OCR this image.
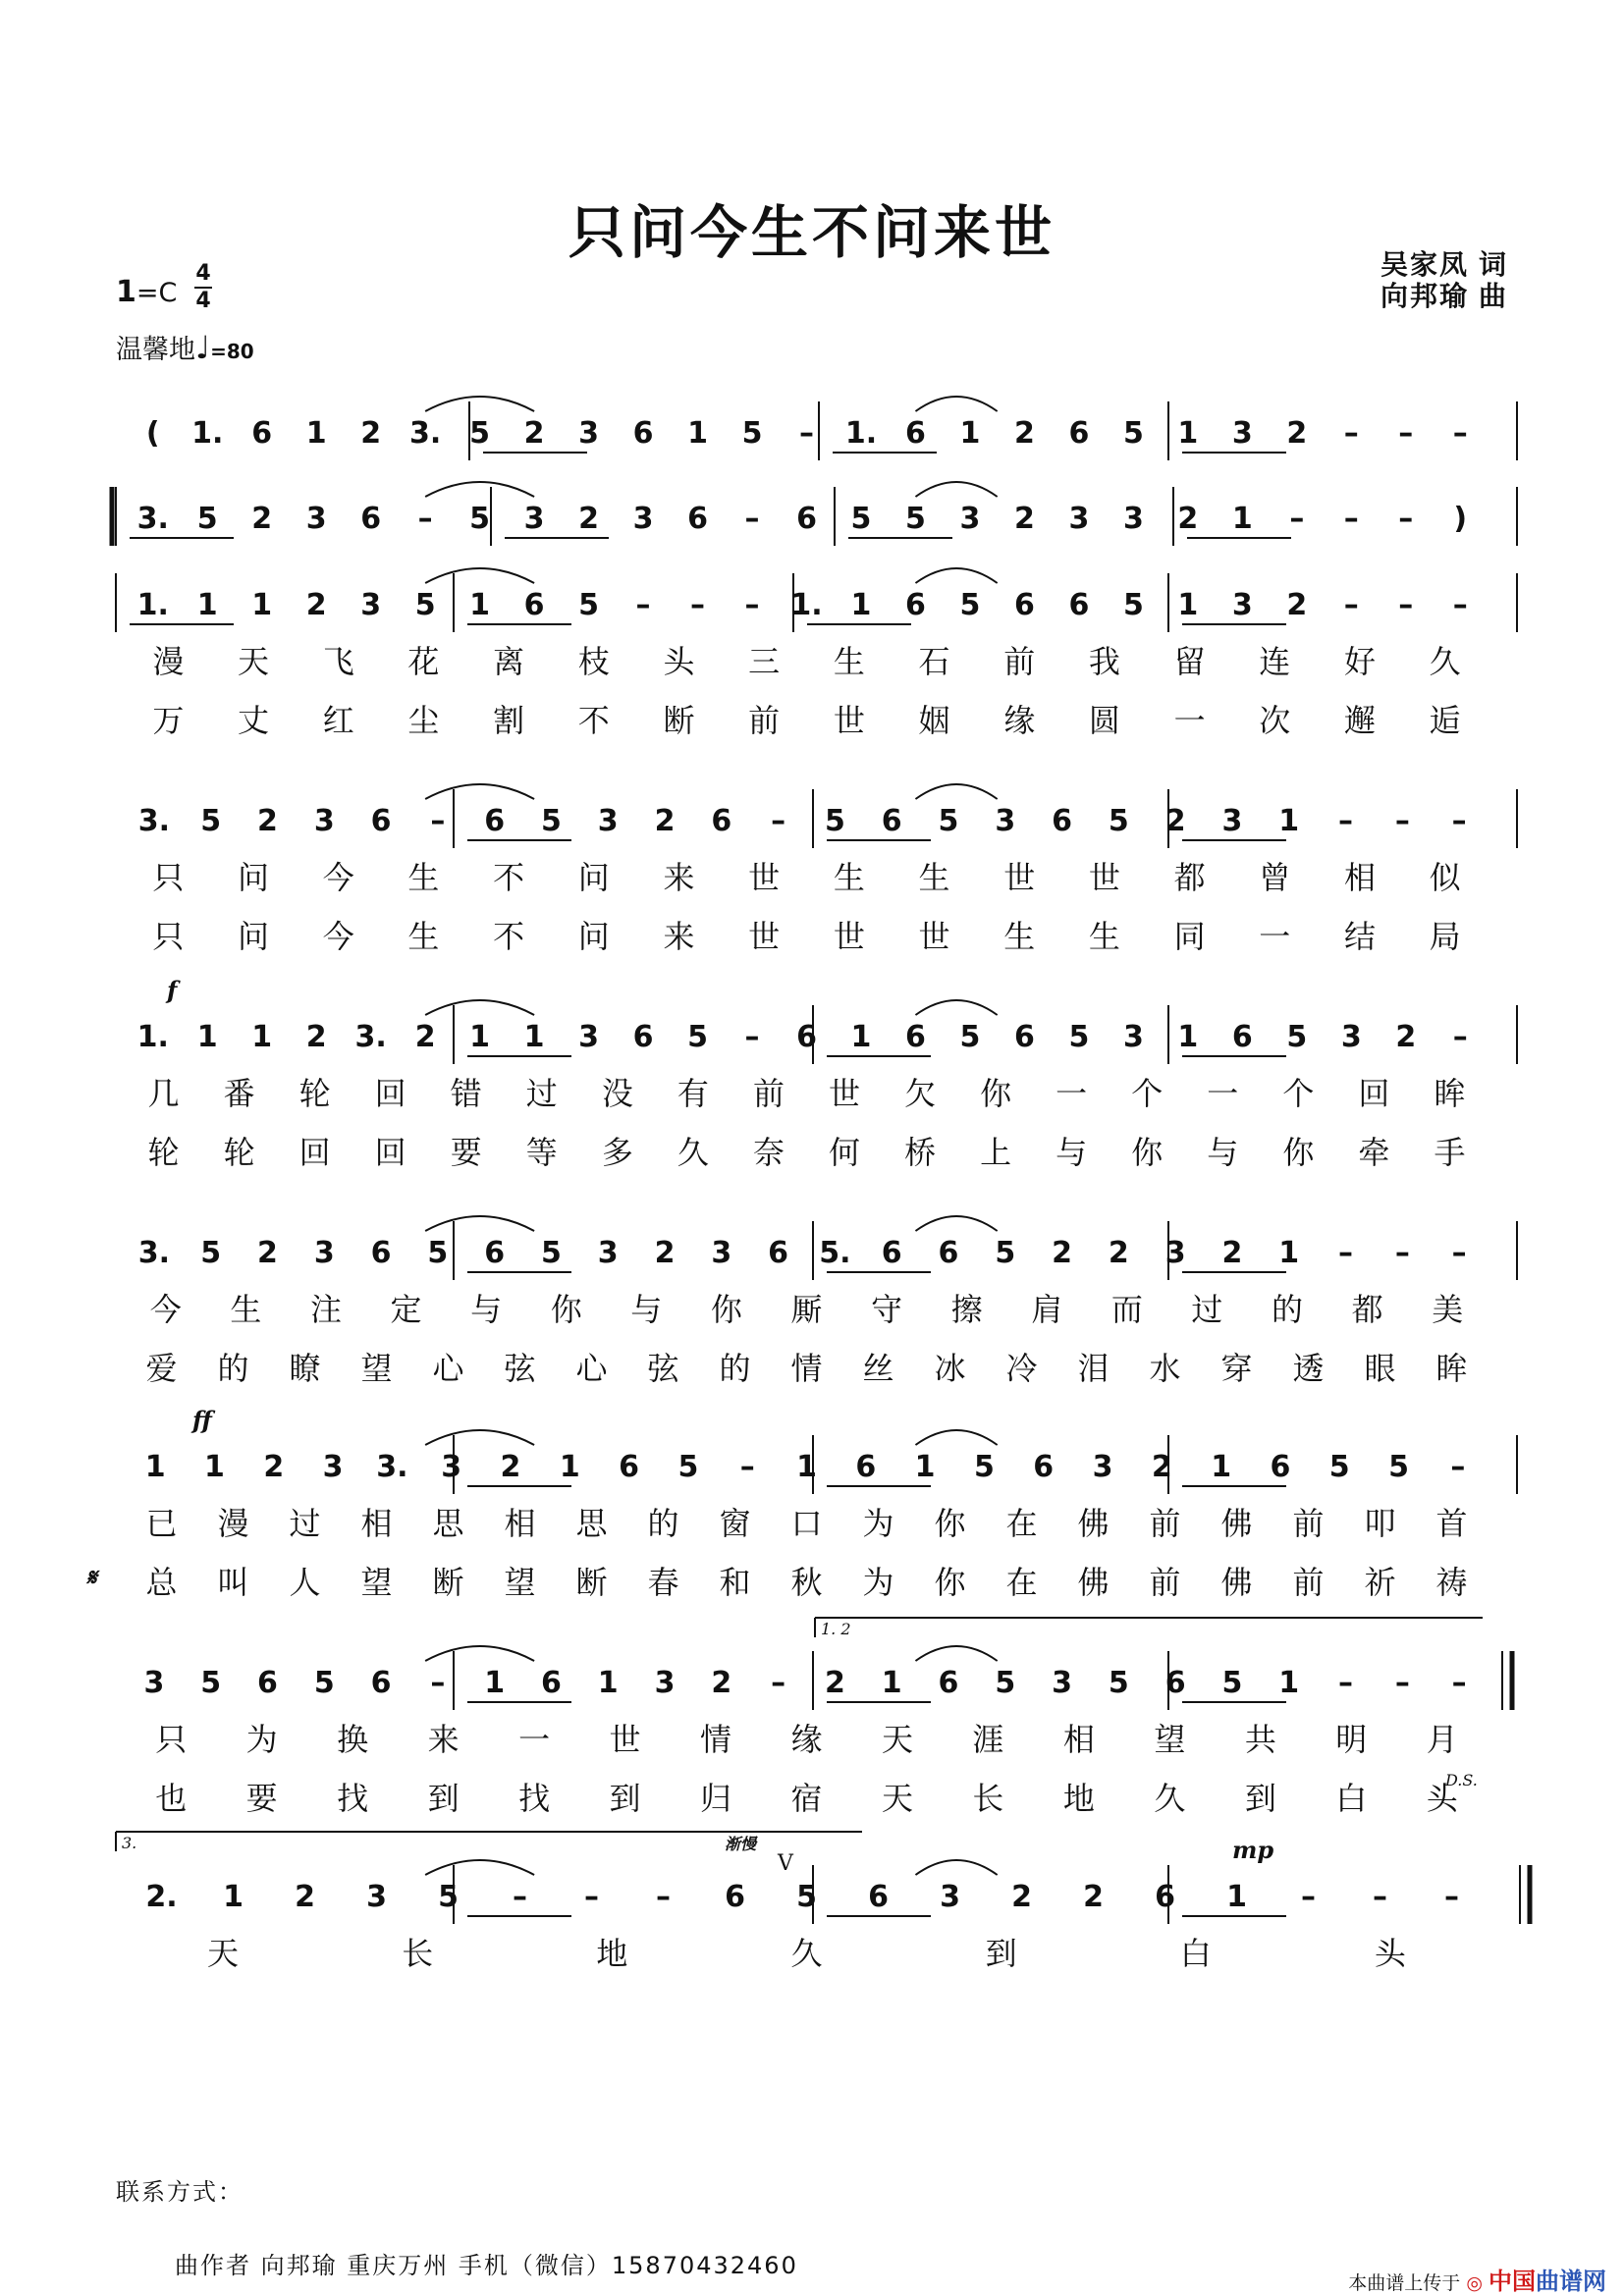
只问今生不问来世	吴家凤 词
向邦瑜 曲
1=C
4
4
温馨地♩=80
( 1. 6 1 2 3. 5 2 3 6 1 5 – 1. 6 1 2 6 5 1 3 2 – – –
3. 5 2 3 6 – 5 3 2 3 6 – 6 5 5 3 2 3 3 2 1 – – – )
1. 1 1 2 3 5 1 6 5 – – – 1. 1 6 5 6 6 5 1 3 2 – – –
漫 天 飞 花 离 枝 头 三 生 石 前 我 留 连 好 久
万 丈 红 尘 割 不 断 前 世 姻 缘 圆 一 次 邂 逅
3. 5 2 3 6 – 6 5 3 2 6 – 5 6 5 3 6 5 2 3 1 – – –
只 问 今 生 不 问 来 世 生 生 世 世 都 曾 相 似
只 问 今 生 不 问 来 世 世 世 生 生 同 一 结 局
1. 1 1 2 3. 2 1 1 3 6 5 – 6 1 6 5 6 5 3 1 6 5 3 2 –
几 番 轮 回 错 过 没 有 前 世 欠 你 一 个 一 个 回 眸
轮 轮 回 回 要 等 多 久 奈 何 桥 上 与 你 与 你 牵 手
f
3. 5 2 3 6 5 6 5 3 2 3 6 5. 6 6 5 2 2 3 2 1 – – –
今 生 注 定 与 你 与 你 厮 守 擦 肩 而 过 的 都 美
爱 的 瞭 望 心 弦 心 弦 的 情 丝 冰 冷 泪 水 穿 透 眼 眸
1 1 2 3 3. 3 2 1 6 5 – 1 6 1 5 6 3 2 1 6 5 5 –
已 漫 过 相 思 相 思 的 窗 口 为 你 在 佛 前 佛 前 叩 首
总 叫 人 望 断 望 断 春 和 秋 为 你 在 佛 前 佛 前 祈 祷
ff
𝄋
3 5 6 5 6 – 1 6 1 3 2 – 2 1 6 5 3 5 6 5 1 – – –
只 为 换 来 一 世 情 缘 天 涯 相 望 共 明 月
也 要 找 到 找 到 归 宿 天 长 地 久 到 白 头
D.S.
1. 2
2. 1 2 3 5 – – – 6 5 6 3 2 2 6 1 – – –
天	长	地	久	到	白	头
mp
3.	渐慢
V
联系方式：
曲作者 向邦瑜 重庆万州 手机（微信）15870432460
本曲谱上传于 ◎ 中国曲谱网
